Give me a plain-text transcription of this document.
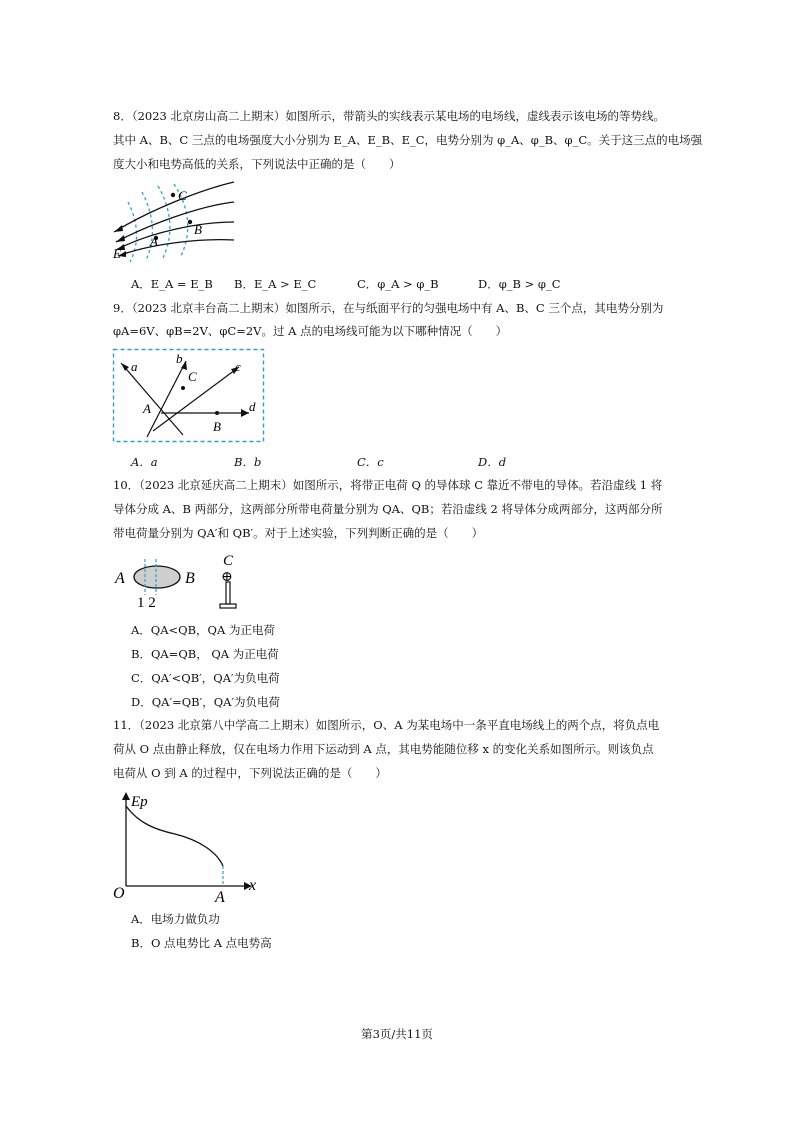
8．（2023 北京房山高二上期末）如图所示，带箭头的实线表示某电场的电场线，虚线表示该电场的等势线。
其中 A、B、C 三点的电场强度大小分别为 E_A、E_B、E_C，电势分别为 φ_A、φ_B、φ_C。关于这三点的电场强
度大小和电势高低的关系，下列说法中正确的是（　　）
C
A
B
E
A．E_A = E_B B．E_A > E_C	C．φ_A > φ_B	D．φ_B > φ_C
9．（2023 北京丰台高二上期末）如图所示，在与纸面平行的匀强电场中有 A、B、C 三个点，其电势分别为
φA=6V、φB=2V、φC=2V。过 A 点的电场线可能为以下哪种情况（　　）
a
b
C
c
A
B
d
A．a	B．b	C．c	D．d
10．（2023 北京延庆高二上期末）如图所示，将带正电荷 Q 的导体球 C 靠近不带电的导体。若沿虚线 1 将
导体分成 A、B 两部分，这两部分所带电荷量分别为 QA、QB；若沿虚线 2 将导体分成两部分，这两部分所
带电荷量分别为 QA′和 QB′。对于上述实验，下列判断正确的是（　　）
A	B
1 2
C
⊕
A．QA<QB，QA 为正电荷
B．QA=QB， QA 为正电荷
C．QA′<QB′，QA′为负电荷
D．QA′=QB′，QA′为负电荷
11．（2023 北京第八中学高二上期末）如图所示，O、A 为某电场中一条平直电场线上的两个点，将负点电
荷从 O 点由静止释放，仅在电场力作用下运动到 A 点，其电势能随位移 x 的变化关系如图所示。则该负点
电荷从 O 到 A 的过程中，下列说法正确的是（　　）
Ep
O	A
x
A．电场力做负功
B．O 点电势比 A 点电势高
第3页/共11页
